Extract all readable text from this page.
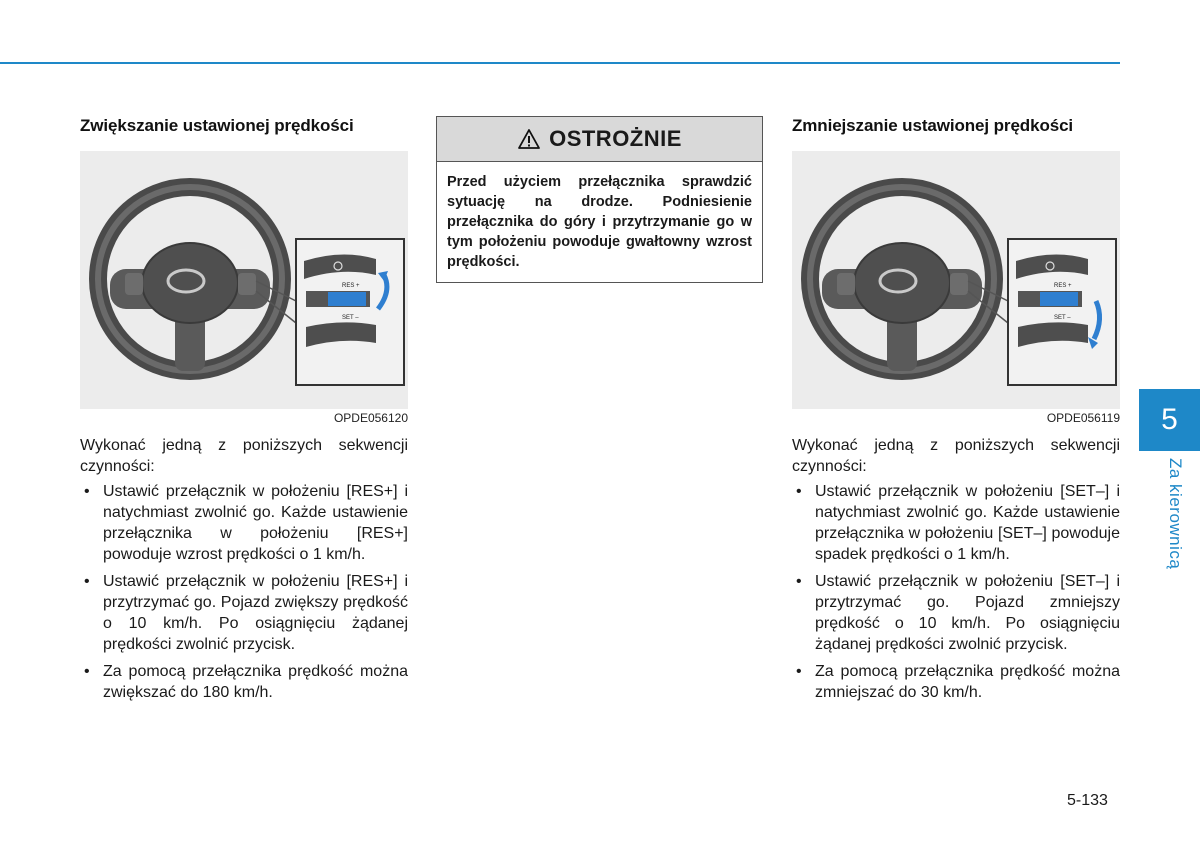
Zwiększanie ustawionej prędkości
RES +
SET –
OPDE056120

Wykonać jedną z poniższych sekwencji czynności:

• Ustawić przełącznik w położeniu [RES+] i natychmiast zwolnić go. Każde ustawienie przełącznika w położeniu [RES+] powoduje wzrost prędkości o 1 km/h.
• Ustawić przełącznik w położeniu [RES+] i przytrzymać go. Pojazd zwiększy prędkość o 10 km/h. Po osiągnięciu żądanej prędkości zwolnić przycisk.
• Za pomocą przełącznika prędkość można zwiększać do 180 km/h.
OSTROŻNIE
Przed użyciem przełącznika sprawdzić sytuację na drodze. Podniesienie przełącznika do góry i przytrzymanie go w tym położeniu powoduje gwałtowny wzrost prędkości.
Zmniejszanie ustawionej prędkości
RES +
SET –
OPDE056119

Wykonać jedną z poniższych sekwencji czynności:

• Ustawić przełącznik w położeniu [SET–] i natychmiast zwolnić go. Każde ustawienie przełącznika w położeniu [SET–] powoduje spadek prędkości o 1 km/h.
• Ustawić przełącznik w położeniu [SET–] i przytrzymać go. Pojazd zmniejszy prędkość o 10 km/h. Po osiągnięciu żądanej prędkości zwolnić przycisk.
• Za pomocą przełącznika prędkość można zmniejszać do 30 km/h.
5
Za kierownicą
5-133
